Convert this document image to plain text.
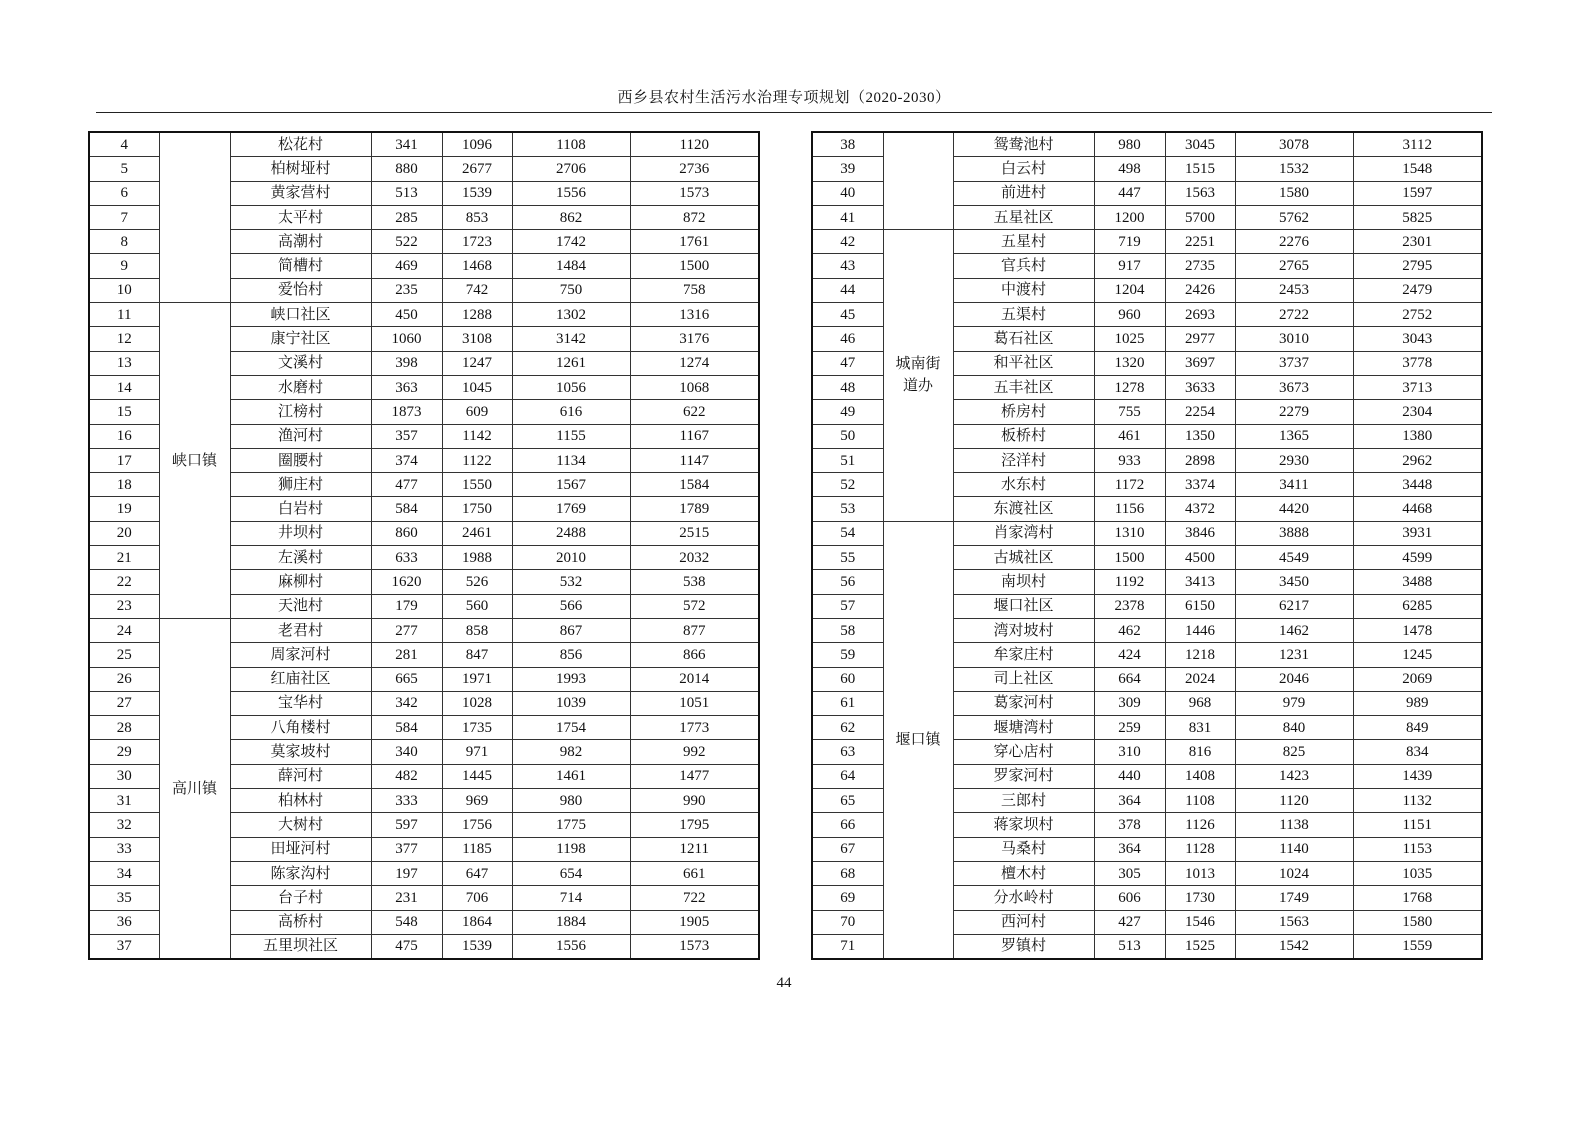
西乡县农村生活污水治理专项规划（2020-2030）
4		松花村	341	1096	1108	1120
5		柏树垭村	880	2677	2706	2736
6		黄家营村	513	1539	1556	1573
7		太平村	285	853	862	872
8		高潮村	522	1723	1742	1761
9		简槽村	469	1468	1484	1500
10		爱怡村	235	742	750	758
11	峡口镇	峡口社区	450	1288	1302	1316
12		康宁社区	1060	3108	3142	3176
13		文溪村	398	1247	1261	1274
14		水磨村	363	1045	1056	1068
15		江榜村	1873	609	616	622
16		渔河村	357	1142	1155	1167
17		圈腰村	374	1122	1134	1147
18		狮庄村	477	1550	1567	1584
19		白岩村	584	1750	1769	1789
20		井坝村	860	2461	2488	2515
21		左溪村	633	1988	2010	2032
22		麻柳村	1620	526	532	538
23		天池村	179	560	566	572
24	高川镇	老君村	277	858	867	877
25		周家河村	281	847	856	866
26		红庙社区	665	1971	1993	2014
27		宝华村	342	1028	1039	1051
28		八角楼村	584	1735	1754	1773
29		莫家坡村	340	971	982	992
30		薛河村	482	1445	1461	1477
31		柏林村	333	969	980	990
32		大树村	597	1756	1775	1795
33		田垭河村	377	1185	1198	1211
34		陈家沟村	197	647	654	661
35		台子村	231	706	714	722
36		高桥村	548	1864	1884	1905
37		五里坝社区	475	1539	1556	1573
38		鸳鸯池村	980	3045	3078	3112
39		白云村	498	1515	1532	1548
40		前进村	447	1563	1580	1597
41		五星社区	1200	5700	5762	5825
42	城南街道办	五星村	719	2251	2276	2301
43		官兵村	917	2735	2765	2795
44		中渡村	1204	2426	2453	2479
45		五渠村	960	2693	2722	2752
46		葛石社区	1025	2977	3010	3043
47		和平社区	1320	3697	3737	3778
48		五丰社区	1278	3633	3673	3713
49		桥房村	755	2254	2279	2304
50		板桥村	461	1350	1365	1380
51		泾洋村	933	2898	2930	2962
52		水东村	1172	3374	3411	3448
53		东渡社区	1156	4372	4420	4468
54	堰口镇	肖家湾村	1310	3846	3888	3931
55		古城社区	1500	4500	4549	4599
56		南坝村	1192	3413	3450	3488
57		堰口社区	2378	6150	6217	6285
58		湾对坡村	462	1446	1462	1478
59		牟家庄村	424	1218	1231	1245
60		司上社区	664	2024	2046	2069
61		葛家河村	309	968	979	989
62		堰塘湾村	259	831	840	849
63		穿心店村	310	816	825	834
64		罗家河村	440	1408	1423	1439
65		三郎村	364	1108	1120	1132
66		蒋家坝村	378	1126	1138	1151
67		马桑村	364	1128	1140	1153
68		檀木村	305	1013	1024	1035
69		分水岭村	606	1730	1749	1768
70		西河村	427	1546	1563	1580
71		罗镇村	513	1525	1542	1559
44
